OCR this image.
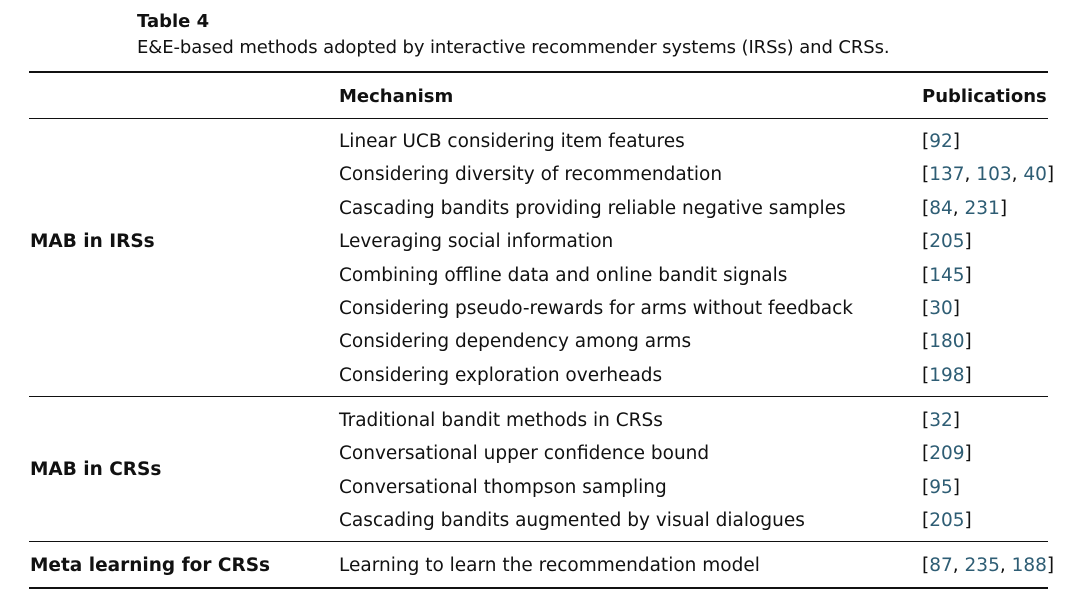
Table 4
E&E-based methods adopted by interactive recommender systems (IRSs) and CRSs.
Mechanism	Publications
MAB in IRSs
Linear UCB considering item features	[92]
Considering diversity of recommendation	[137, 103, 40]
Cascading bandits providing reliable negative samples	[84, 231]
Leveraging social information	[205]
Combining offline data and online bandit signals	[145]
Considering pseudo-rewards for arms without feedback	[30]
Considering dependency among arms	[180]
Considering exploration overheads	[198]
MAB in CRSs
Traditional bandit methods in CRSs	[32]
Conversational upper confidence bound	[209]
Conversational thompson sampling	[95]
Cascading bandits augmented by visual dialogues	[205]
Meta learning for CRSs	Learning to learn the recommendation model	[87, 235, 188]
